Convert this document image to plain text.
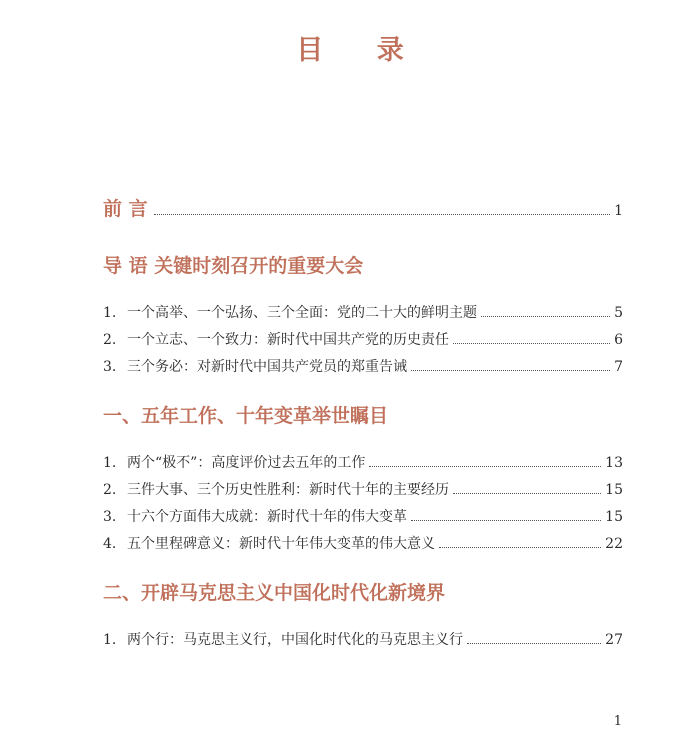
目 录
前 言	1
导 语 关键时刻召开的重要大会
1. 一个高举、一个弘扬、三个全面：党的二十大的鲜明主题	5
2. 一个立志、一个致力：新时代中国共产党的历史责任	6
3. 三个务必：对新时代中国共产党员的郑重告诫	7
一、五年工作、十年变革举世瞩目
1. 两个“极不”：高度评价过去五年的工作	13
2. 三件大事、三个历史性胜利：新时代十年的主要经历	15
3. 十六个方面伟大成就：新时代十年的伟大变革	15
4. 五个里程碑意义：新时代十年伟大变革的伟大意义	22
二、开辟马克思主义中国化时代化新境界
1. 两个行：马克思主义行，中国化时代化的马克思主义行	27
1
